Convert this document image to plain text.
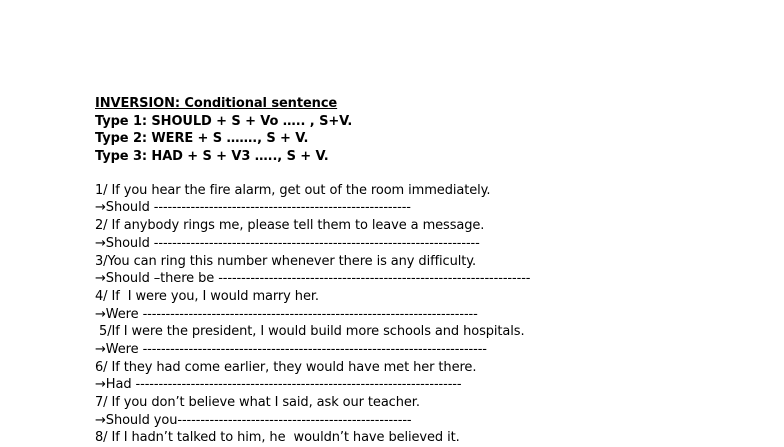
INVERSION: Conditional sentence
Type 1: SHOULD + S + Vo ….. , S+V.
Type 2: WERE + S ……., S + V.
Type 3: HAD + S + V3 ….., S + V.
1/ If you hear the fire alarm, get out of the room immediately.
→Should --------------------------------------------------------
2/ If anybody rings me, please tell them to leave a message.
→Should -----------------------------------------------------------------------
3/You can ring this number whenever there is any difficulty.
→Should –there be --------------------------------------------------------------------
4/ If  I were you, I would marry her.
→Were -------------------------------------------------------------------------
5/If I were the president, I would build more schools and hospitals.
→Were ---------------------------------------------------------------------------
6/ If they had come earlier, they would have met her there.
→Had -----------------------------------------------------------------------
7/ If you don’t believe what I said, ask our teacher.
→Should you---------------------------------------------------
8/ If I hadn’t talked to him, he  wouldn’t have believed it.
